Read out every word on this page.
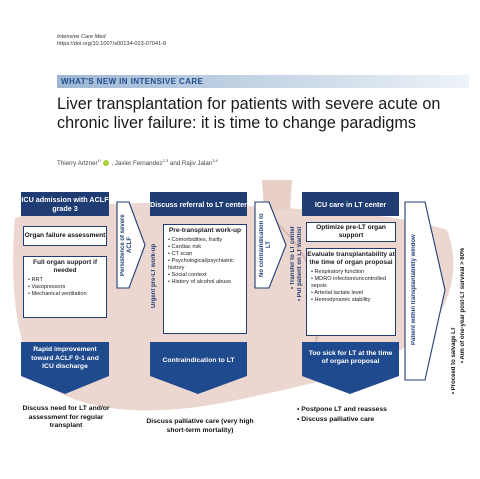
Intensive Care Med
https://doi.org/10.1007/s00134-023-07041-8
WHAT'S NEW IN INTENSIVE CARE
Liver transplantation for patients with severe acute on chronic liver failure: it is time to change paradigms
Thierry Artzner$^{1*}$ , Javier Fernandez$^{2,3}$ and Rajiv Jalan$^{3,4}$
ICU admission with ACLF grade 3
Organ failure assessment
Full organ support if needed
• RRT
• Vasopressors
• Mechanical ventilation
Rapid improvement toward ACLF 0-1 and ICU discharge
Persistence of severe ACLF
Discuss need for LT and/or assessment for regular transplant
Discuss referral to LT center
Urgent pre-LT work-up
Pre-transplant work-up
• Comorbidities, frailty
• Cardiac risk
• CT scan
• Psychological/psychiatric history
• Social context
• History of alcohol abuse
Contraindication to LT
No contraindication to LT
Discuss palliative care (very high short-term mortality)
ICU care in LT center
• Transfer to LT center • Put patient on LT waitlist	Optimize pre-LT organ support
Evaluate transplantability at the time of organ proposal
• Respiratory function
• MDRO infection/uncontrolled sepsis
• Arterial lactate level
• Hemodynamic stability
Too sick for LT at the time of organ proposal
Patient within transplantability window
• Postpone LT and reassess
• Discuss palliative care
• Proceed to salvage LT • Aim of one-year post-LT survival > 80%
